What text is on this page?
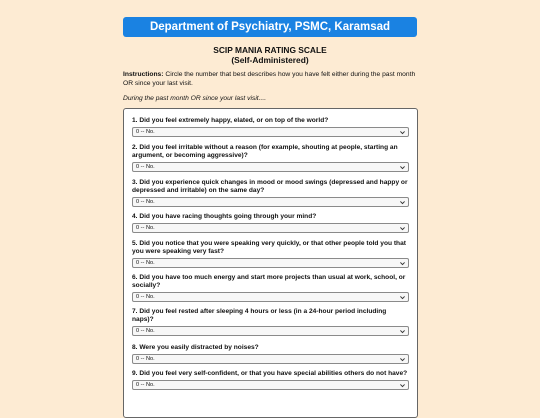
Department of Psychiatry, PSMC, Karamsad
SCIP MANIA RATING SCALE
(Self-Administered)
Instructions: Circle the number that best describes how you have felt either during the past month OR since your last visit.
During the past month OR since your last visit....
1. Did you feel extremely happy, elated, or on top of the world?
0 -- No.
2. Did you feel irritable without a reason (for example, shouting at people, starting an argument, or becoming aggressive)?
0 -- No.
3. Did you experience quick changes in mood or mood swings (depressed and happy or depressed and irritable) on the same day?
0 -- No.
4. Did you have racing thoughts going through your mind?
0 -- No.
5. Did you notice that you were speaking very quickly, or that other people told you that you were speaking very fast?
0 -- No.
6. Did you have too much energy and start more projects than usual at work, school, or socially?
0 -- No.
7. Did you feel rested after sleeping 4 hours or less (in a 24-hour period including naps)?
0 -- No.
8. Were you easily distracted by noises?
0 -- No.
9. Did you feel very self-confident, or that you have special abilities others do not have?
0 -- No.
